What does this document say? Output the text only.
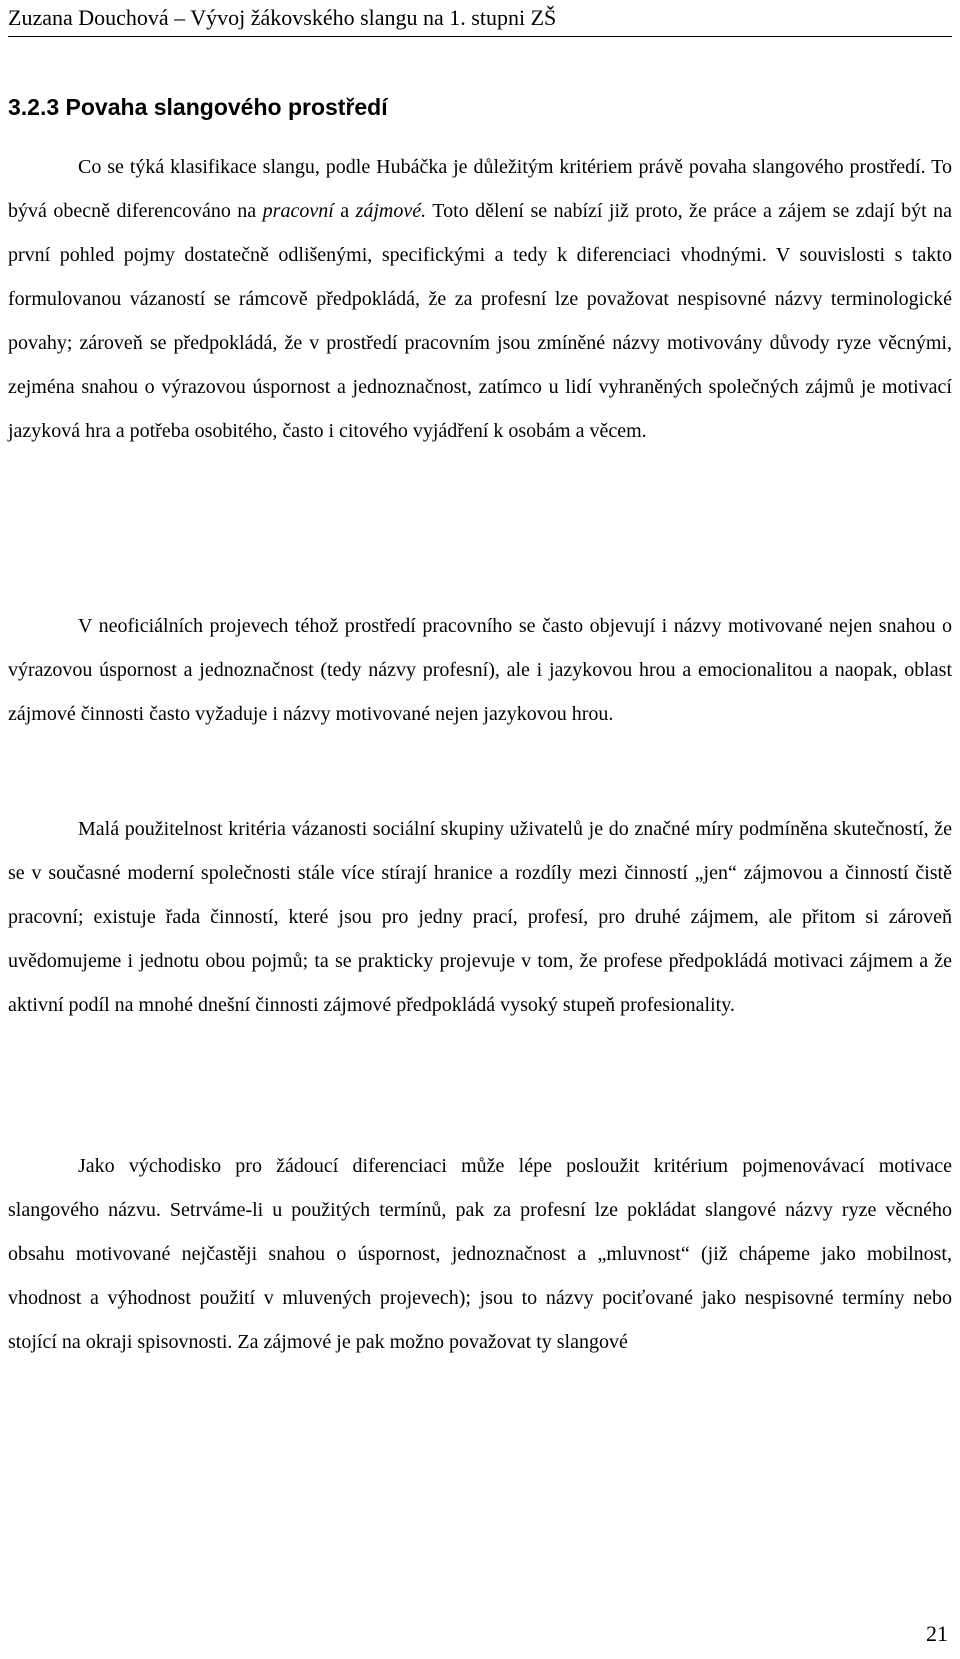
Zuzana Douchová – Vývoj žákovského slangu na 1. stupni ZŠ
3.2.3 Povaha slangového prostředí

Co se týká klasifikace slangu, podle Hubáčka je důležitým kritériem právě povaha slangového prostředí. To bývá obecně diferencováno na pracovní a zájmové. Toto dělení se nabízí již proto, že práce a zájem se zdají být na první pohled pojmy dostatečně odlišenými, specifickými a tedy k diferenciaci vhodnými. V souvislosti s takto formulovanou vázaností se rámcově předpokládá, že za profesní lze považovat nespisovné názvy terminologické povahy; zároveň se předpokládá, že v prostředí pracovním jsou zmíněné názvy motivovány důvody ryze věcnými, zejména snahou o výrazovou úspornost a jednoznačnost, zatímco u lidí vyhraněných společných zájmů je motivací jazyková hra a potřeba osobitého, často i citového vyjádření k osobám a věcem.

V neoficiálních projevech téhož prostředí pracovního se často objevují i názvy motivované nejen snahou o výrazovou úspornost a jednoznačnost (tedy názvy profesní), ale i jazykovou hrou a emocionalitou a naopak, oblast zájmové činnosti často vyžaduje i názvy motivované nejen jazykovou hrou.

Malá použitelnost kritéria vázanosti sociální skupiny uživatelů je do značné míry podmíněna skutečností, že se v současné moderní společnosti stále více stírají hranice a rozdíly mezi činností „jen“ zájmovou a činností čistě pracovní; existuje řada činností, které jsou pro jedny prací, profesí, pro druhé zájmem, ale přitom si zároveň uvědomujeme i jednotu obou pojmů; ta se prakticky projevuje v tom, že profese předpokládá motivaci zájmem a že aktivní podíl na mnohé dnešní činnosti zájmové předpokládá vysoký stupeň profesionality.

Jako východisko pro žádoucí diferenciaci může lépe posloužit kritérium pojmenovávací motivace slangového názvu. Setrváme-li u použitých termínů, pak za profesní lze pokládat slangové názvy ryze věcného obsahu motivované nejčastěji snahou o úspornost, jednoznačnost a „mluvnost“ (již chápeme jako mobilnost, vhodnost a výhodnost použití v mluvených projevech); jsou to názvy pociťované jako nespisovné termíny nebo stojící na okraji spisovnosti. Za zájmové je pak možno považovat ty slangové

21
